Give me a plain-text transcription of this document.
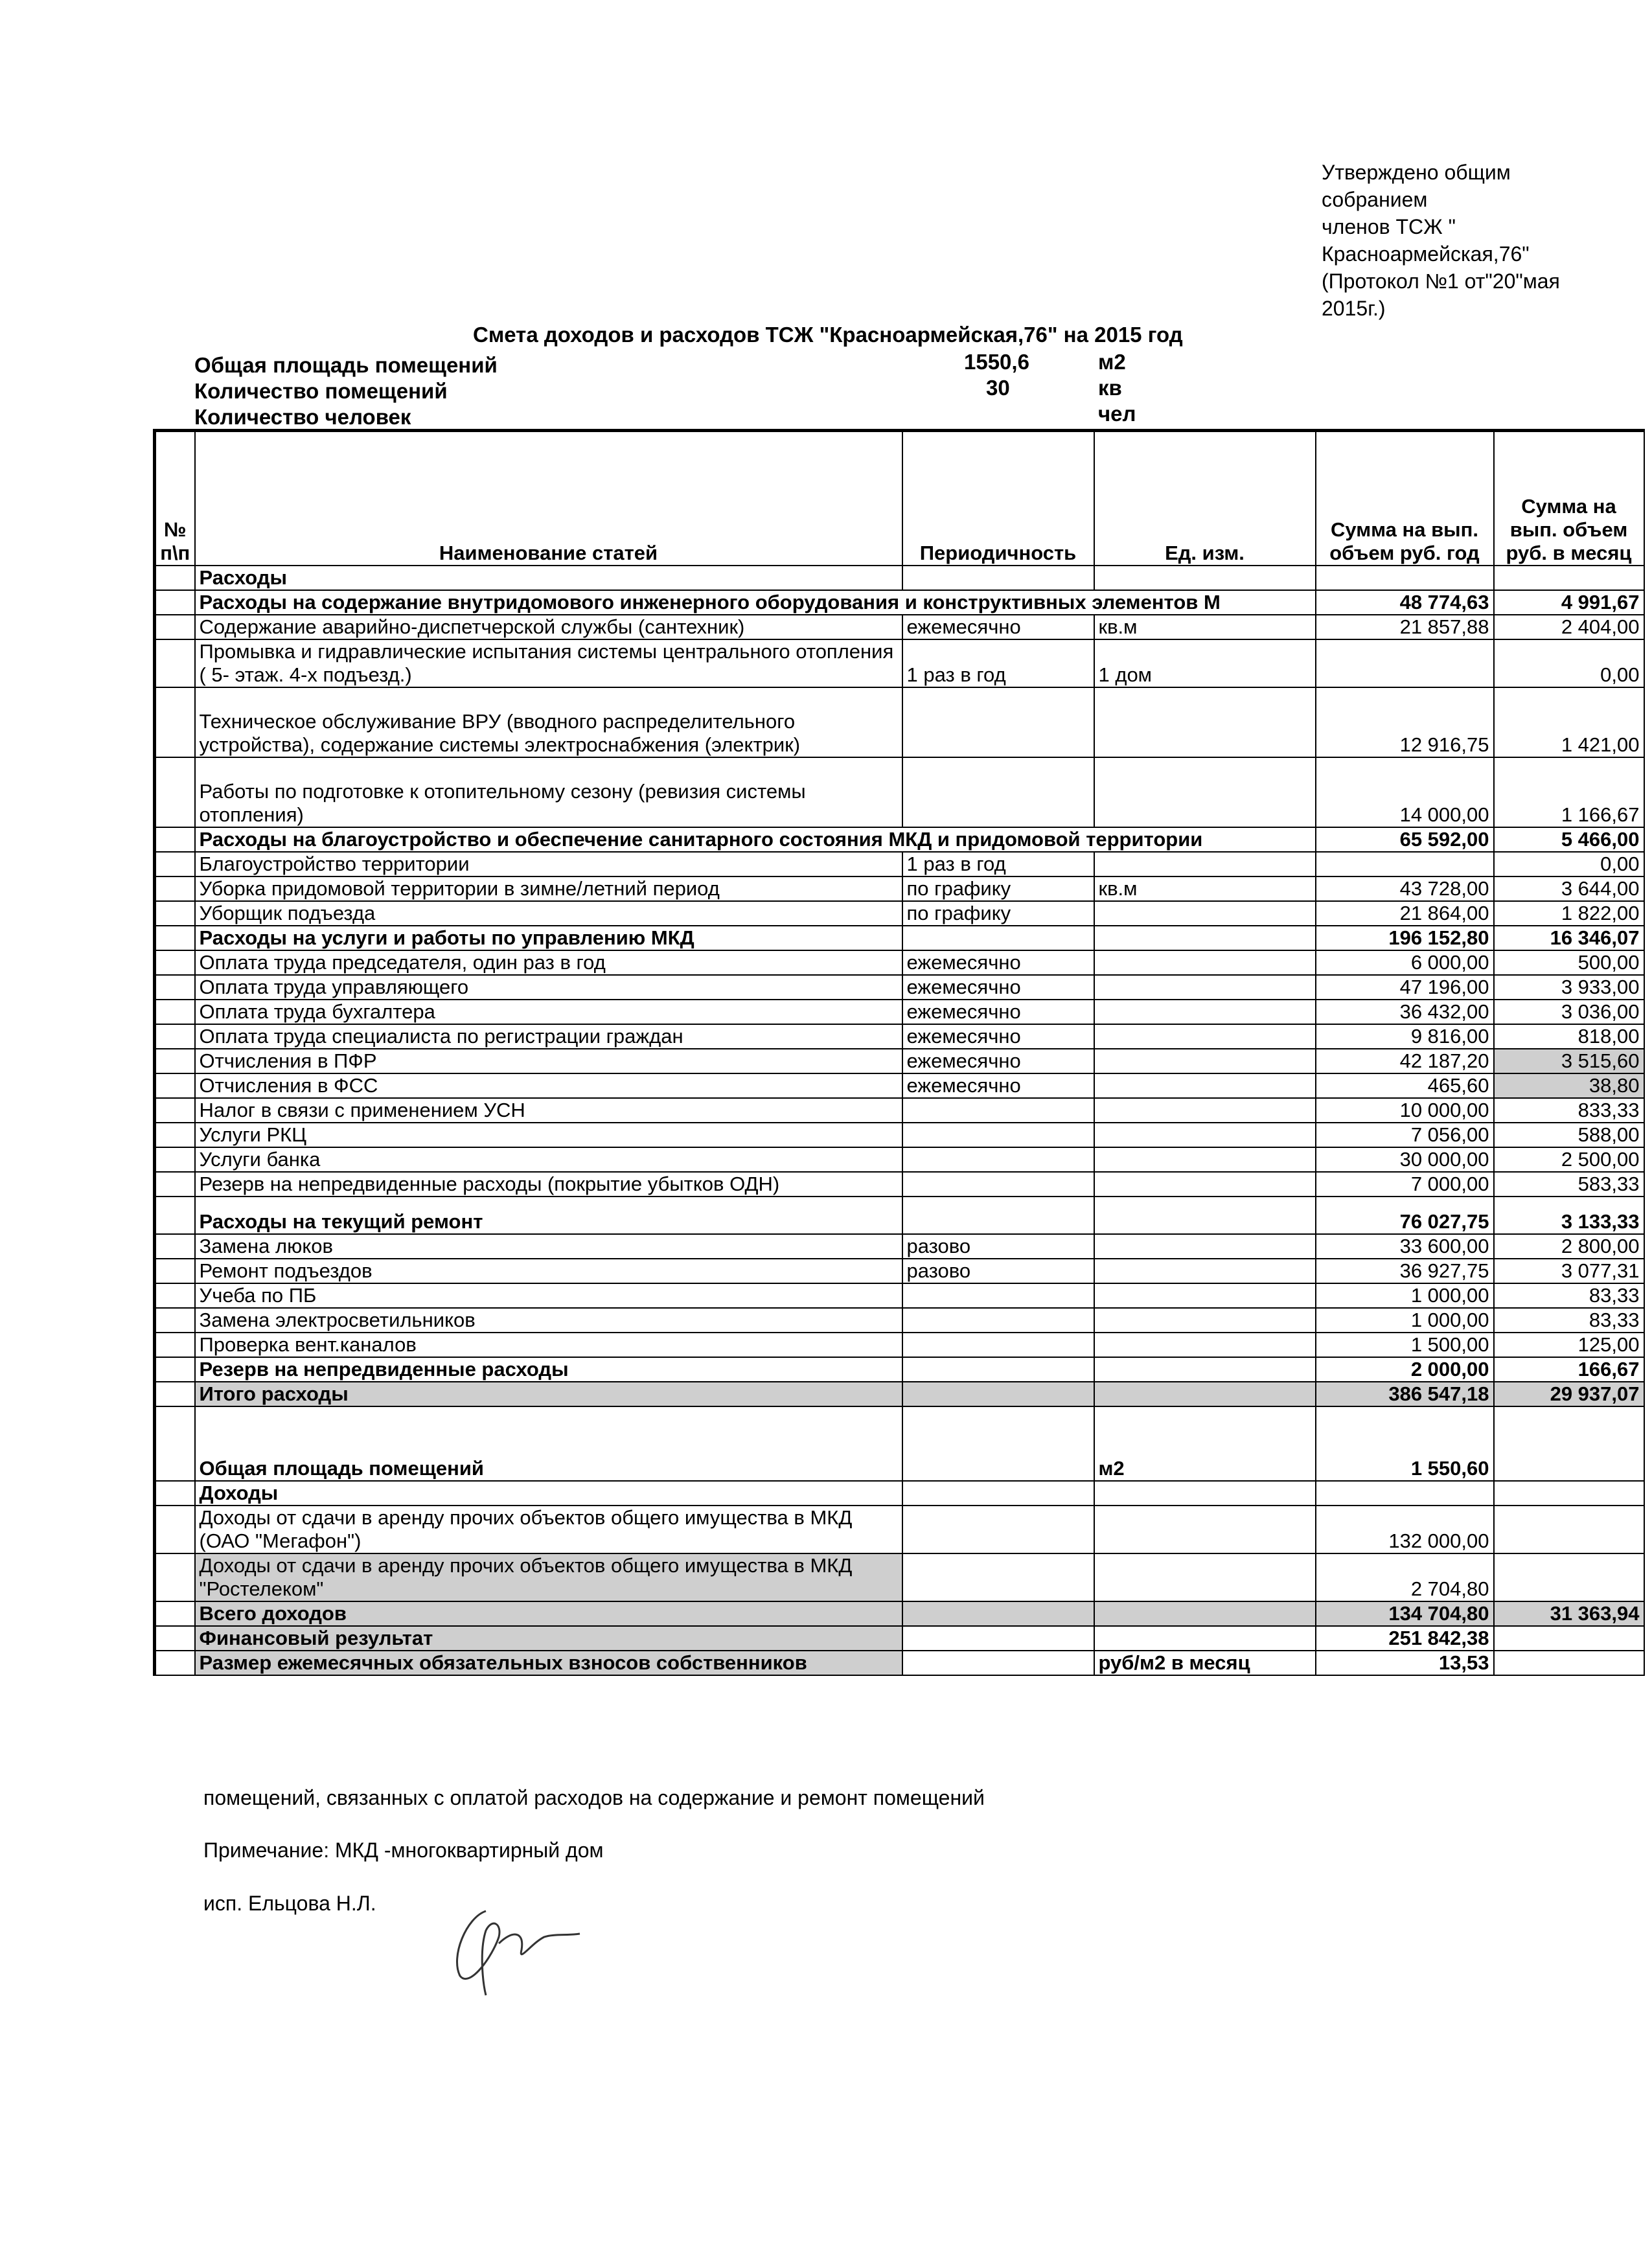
Утверждено общим
собранием
членов ТСЖ "
Красноармейская,76"
(Протокол №1 от"20"мая
2015г.)
Смета доходов и расходов ТСЖ "Красноармейская,76" на 2015 год
Общая площадь помещений	1550,6	м2
Количество помещений	30	кв
Количество человек	чел
№ п\п	Наименование статей	Периодичность	Ед. изм.	Сумма на вып. объем руб. год	Сумма на вып. объем руб. в месяц
	Расходы				
	Расходы на содержание внутридомового инженерного оборудования и конструктивных элементов М			48 774,63	4 991,67
	Содержание аварийно-диспетчерской службы (сантехник)	ежемесячно	кв.м	21 857,88	2 404,00
	Промывка и гидравлические испытания системы центрального отопления ( 5- этаж. 4-х подъезд.)	1 раз в год	1 дом		0,00
	Техническое обслуживание ВРУ (вводного распределительного устройства), содержание системы электроснабжения (электрик)			12 916,75	1 421,00
	Работы по подготовке к отопительному сезону (ревизия системы отопления)			14 000,00	1 166,67
	Расходы на благоустройство и обеспечение санитарного состояния МКД и придомовой территории			65 592,00	5 466,00
	Благоустройство территории	1 раз в год			0,00
	Уборка придомовой территории в зимне/летний период	по графику	кв.м	43 728,00	3 644,00
	Уборщик подъезда	по графику		21 864,00	1 822,00
	Расходы на услуги и работы по управлению МКД			196 152,80	16 346,07
	Оплата труда председателя, один раз в год	ежемесячно		6 000,00	500,00
	Оплата труда управляющего	ежемесячно		47 196,00	3 933,00
	Оплата труда бухгалтера	ежемесячно		36 432,00	3 036,00
	Оплата труда специалиста по регистрации граждан	ежемесячно		9 816,00	818,00
	Отчисления в ПФР	ежемесячно		42 187,20	3 515,60
	Отчисления в ФСС	ежемесячно		465,60	38,80
	Налог в связи с применением УСН			10 000,00	833,33
	Услуги РКЦ			7 056,00	588,00
	Услуги банка			30 000,00	2 500,00
	Резерв на непредвиденные расходы (покрытие убытков ОДН)			7 000,00	583,33
	Расходы на текущий ремонт			76 027,75	3 133,33
	Замена люков	разово		33 600,00	2 800,00
	Ремонт подъездов	разово		36 927,75	3 077,31
	Учеба по ПБ			1 000,00	83,33
	Замена электросветильников			1 000,00	83,33
	Проверка вент.каналов			1 500,00	125,00
	Резерв на непредвиденные расходы			2 000,00	166,67
	Итого расходы			386 547,18	29 937,07
	Общая площадь помещений		м2	1 550,60	
	Доходы				
	Доходы от сдачи в аренду прочих объектов общего имущества в МКД (ОАО "Мегафон")			132 000,00	
	Доходы от сдачи в аренду прочих объектов общего имущества в МКД "Ростелеком"			2 704,80	
	Всего доходов			134 704,80	31 363,94
	Финансовый результат			251 842,38	
	Размер ежемесячных обязательных взносов собственников		руб/м2 в месяц	13,53	
помещений, связанных с оплатой расходов на содержание и ремонт помещений
Примечание: МКД -многоквартирный дом
исп. Ельцова Н.Л.
